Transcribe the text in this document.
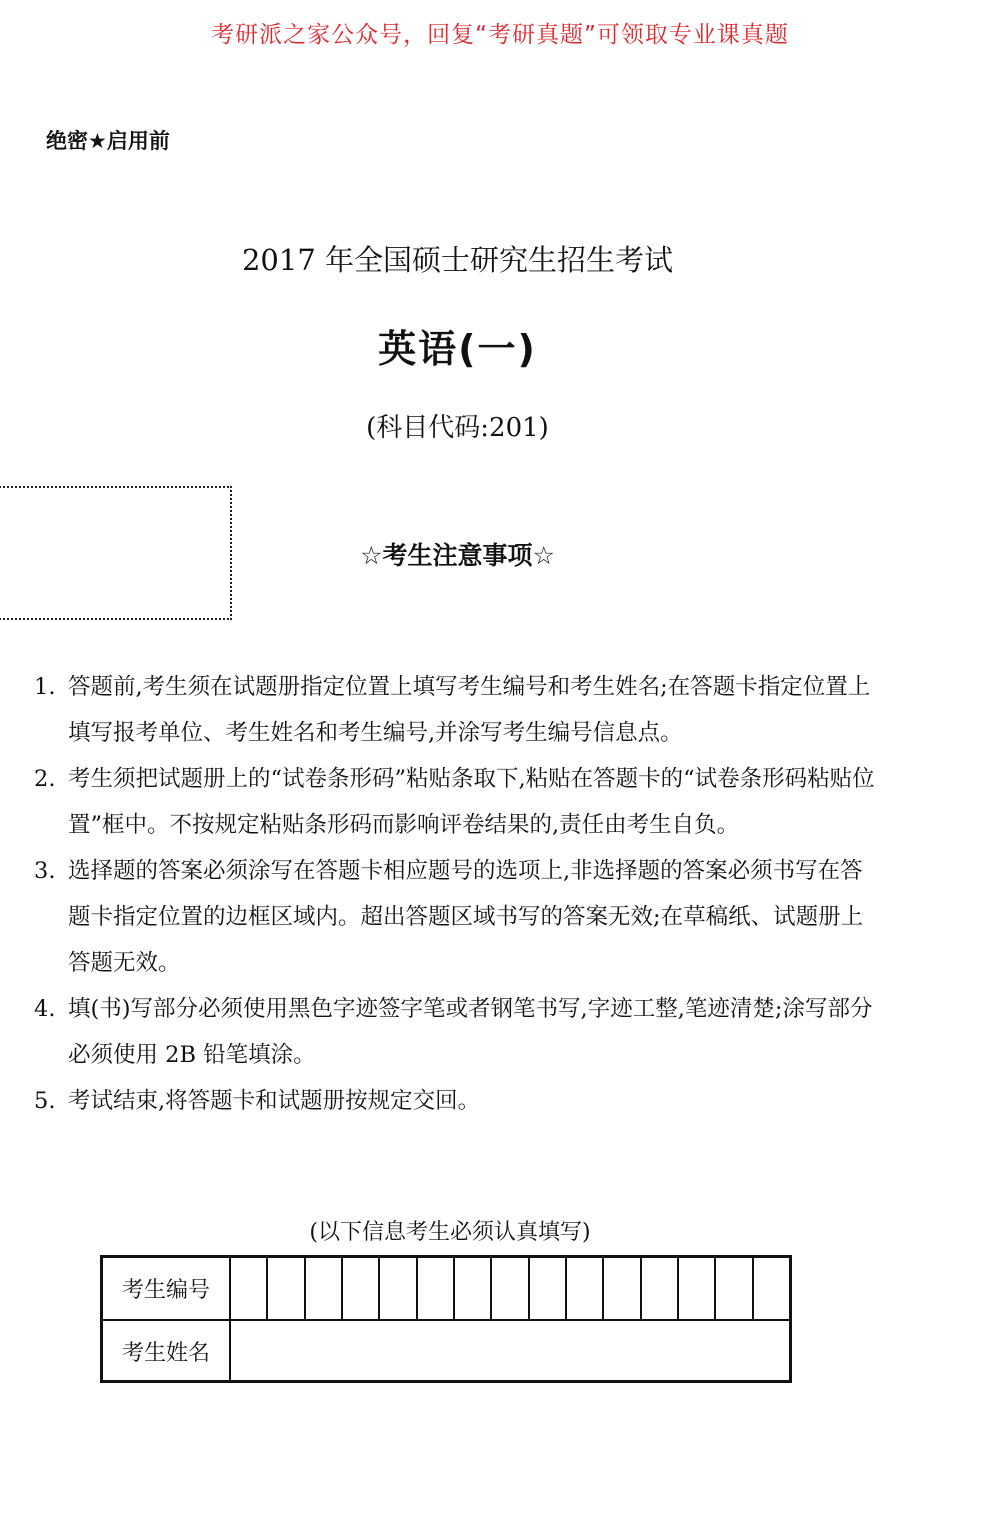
考研派之家公众号，回复“考研真题”可领取专业课真题
绝密★启用前
2017 年全国硕士研究生招生考试
英语(一)
(科目代码:201)
☆考生注意事项☆
1. 答题前,考生须在试题册指定位置上填写考生编号和考生姓名;在答题卡指定位置上填写报考单位、考生姓名和考生编号,并涂写考生编号信息点。
2. 考生须把试题册上的“试卷条形码”粘贴条取下,粘贴在答题卡的“试卷条形码粘贴位置”框中。不按规定粘贴条形码而影响评卷结果的,责任由考生自负。
3. 选择题的答案必须涂写在答题卡相应题号的选项上,非选择题的答案必须书写在答题卡指定位置的边框区域内。超出答题区域书写的答案无效;在草稿纸、试题册上答题无效。
4. 填(书)写部分必须使用黑色字迹签字笔或者钢笔书写,字迹工整,笔迹清楚;涂写部分必须使用 2B 铅笔填涂。
5. 考试结束,将答题卡和试题册按规定交回。
(以下信息考生必须认真填写)
考生编号
考生姓名
